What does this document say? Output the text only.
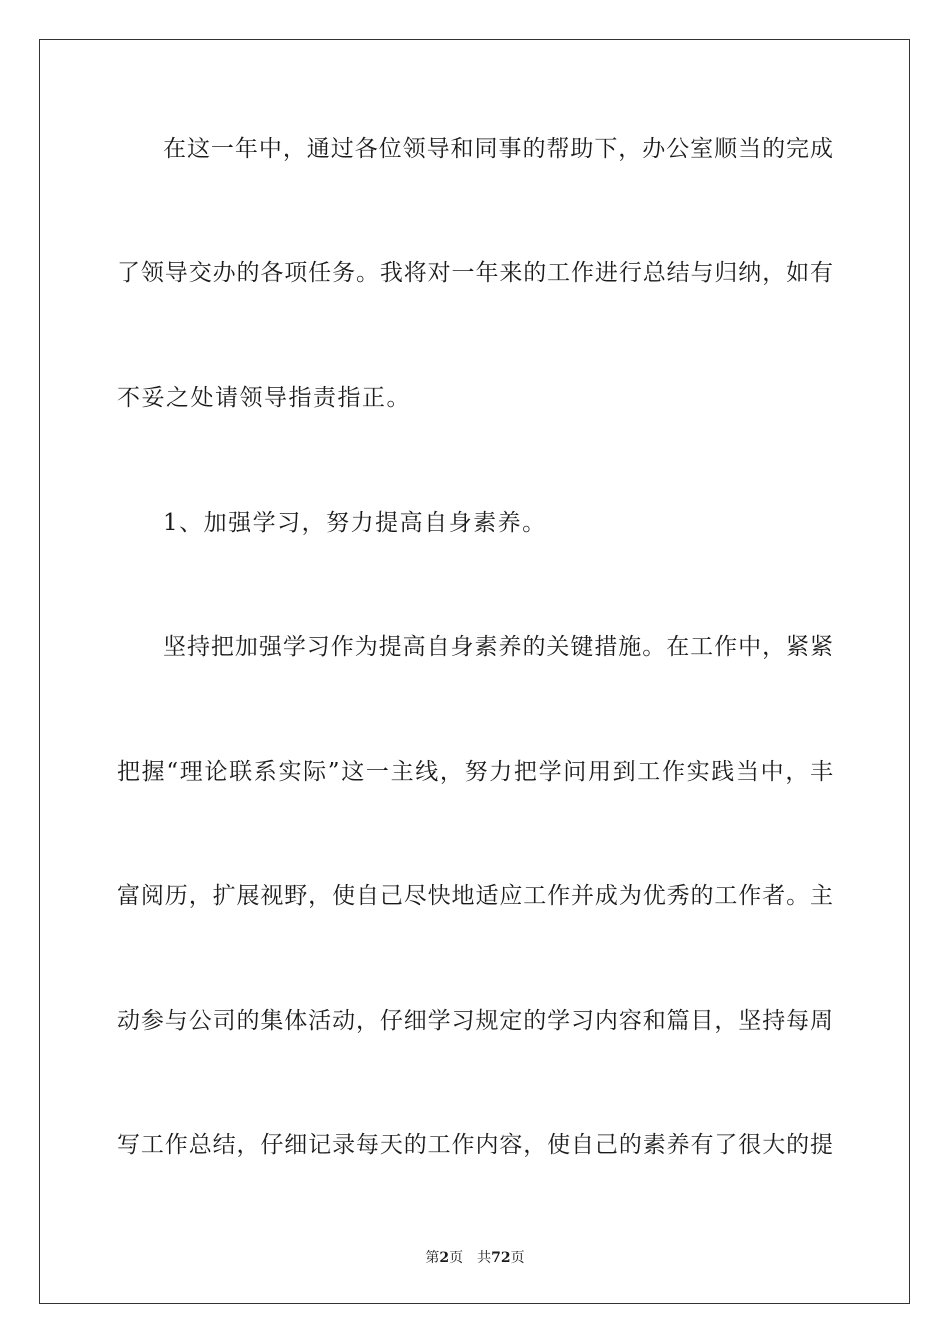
在这一年中，通过各位领导和同事的帮助下，办公室顺当的完成

了领导交办的各项任务。我将对一年来的工作进行总结与归纳，如有

不妥之处请领导指责指正。

1、加强学习，努力提高自身素养。

坚持把加强学习作为提高自身素养的关键措施。在工作中，紧紧

把握“理论联系实际”这一主线，努力把学问用到工作实践当中，丰

富阅历，扩展视野，使自己尽快地适应工作并成为优秀的工作者。主

动参与公司的集体活动，仔细学习规定的学习内容和篇目，坚持每周

写工作总结，仔细记录每天的工作内容，使自己的素养有了很大的提

第2页 共72页
